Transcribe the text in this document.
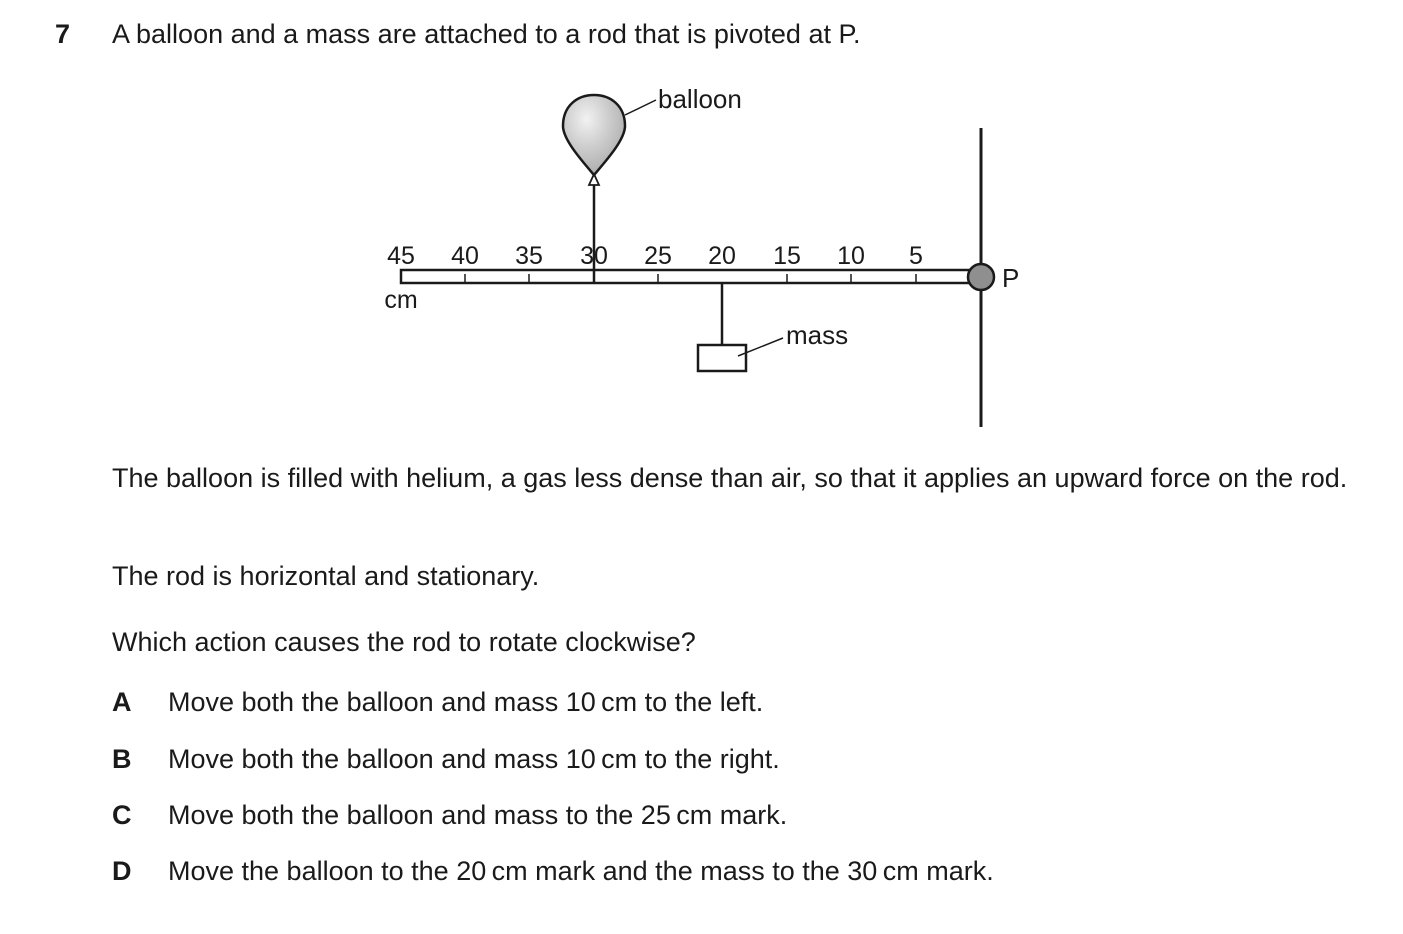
7 A balloon and a mass are attached to a rod that is pivoted at P.
45 40 35 30 25 20 15 10 5
cm
P
balloon
mass
The balloon is filled with helium, a gas less dense than air, so that it applies an upward force on the rod.
The rod is horizontal and stationary.
Which action causes the rod to rotate clockwise?
A	Move both the balloon and mass 10 cm to the left.
B	Move both the balloon and mass 10 cm to the right.
C	Move both the balloon and mass to the 25 cm mark.
D	Move the balloon to the 20 cm mark and the mass to the 30 cm mark.
